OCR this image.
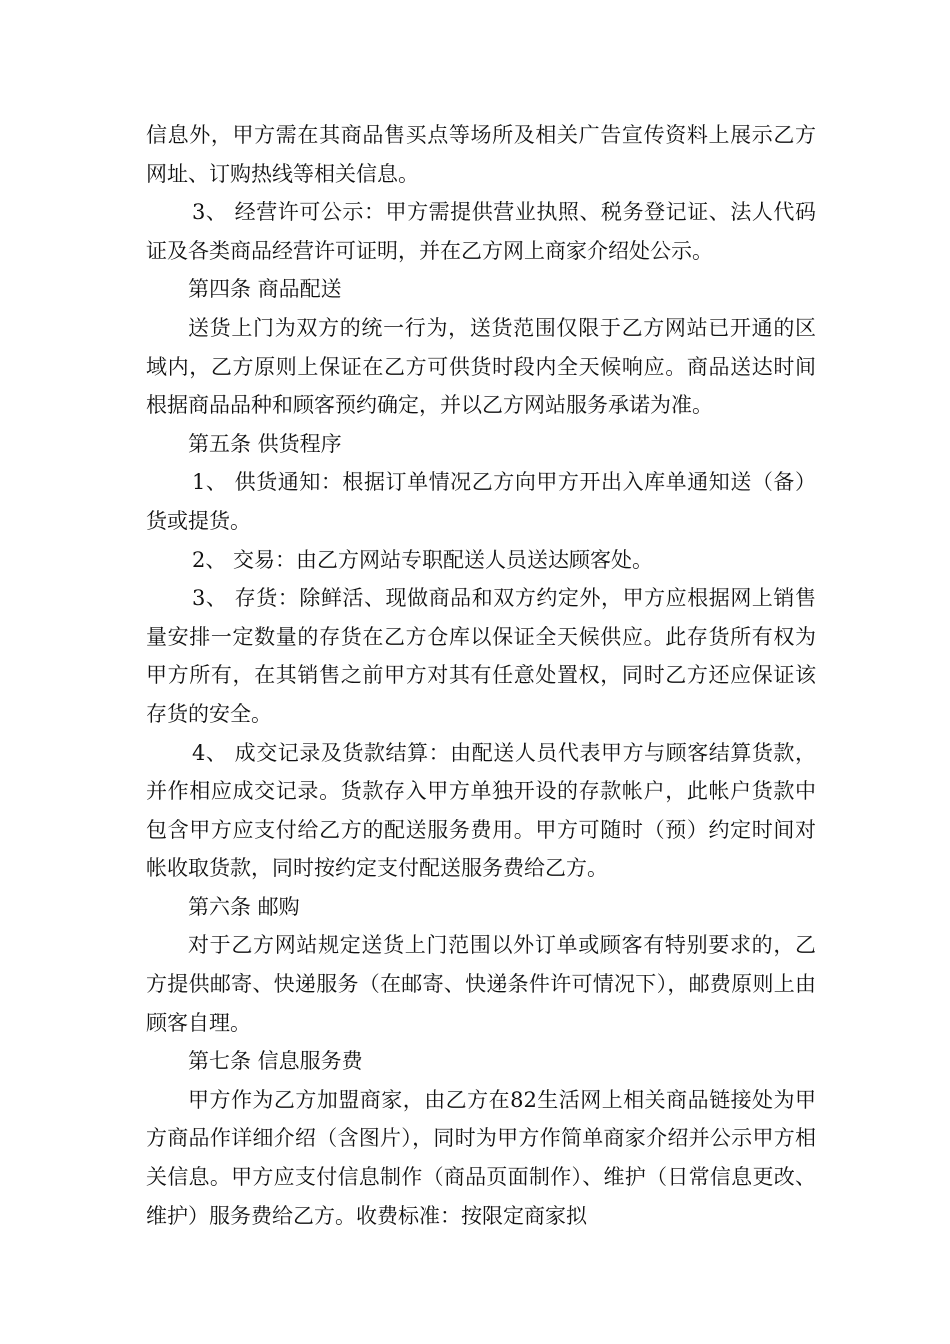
信息外，甲方需在其商品售买点等场所及相关广告宣传资料上展示乙方网址、订购热线等相关信息。

3、 经营许可公示：甲方需提供营业执照、税务登记证、法人代码证及各类商品经营许可证明，并在乙方网上商家介绍处公示。

第四条 商品配送

送货上门为双方的统一行为，送货范围仅限于乙方网站已开通的区域内，乙方原则上保证在乙方可供货时段内全天候响应。商品送达时间根据商品品种和顾客预约确定，并以乙方网站服务承诺为准。

第五条 供货程序

1、 供货通知：根据订单情况乙方向甲方开出入库单通知送（备）货或提货。

2、 交易：由乙方网站专职配送人员送达顾客处。

3、 存货：除鲜活、现做商品和双方约定外，甲方应根据网上销售量安排一定数量的存货在乙方仓库以保证全天候供应。此存货所有权为甲方所有，在其销售之前甲方对其有任意处置权，同时乙方还应保证该存货的安全。

4、 成交记录及货款结算：由配送人员代表甲方与顾客结算货款，并作相应成交记录。货款存入甲方单独开设的存款帐户，此帐户货款中包含甲方应支付给乙方的配送服务费用。甲方可随时（预）约定时间对帐收取货款，同时按约定支付配送服务费给乙方。

第六条 邮购

对于乙方网站规定送货上门范围以外订单或顾客有特别要求的，乙方提供邮寄、快递服务（在邮寄、快递条件许可情况下），邮费原则上由顾客自理。

第七条 信息服务费

甲方作为乙方加盟商家，由乙方在82生活网上相关商品链接处为甲方商品作详细介绍（含图片），同时为甲方作简单商家介绍并公示甲方相关信息。甲方应支付信息制作（商品页面制作）、维护（日常信息更改、维护）服务费给乙方。收费标准：按限定商家拟
